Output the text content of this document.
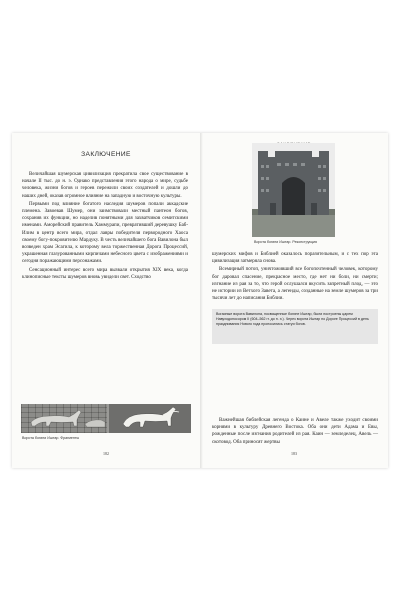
ЗАКЛЮЧЕНИЕ

Величайшая шумерская цивилизация прекратила свое существование в начале II тыс. до н. э. Однако представления этого народа о мире, судьбе человека, жизни богов и героев пережили своих создателей и дошли до наших дней, оказав огромное влияние на западную и восточную культуры.

Первыми под влияние богатого наследия шумеров попали аккадские племена. Завоевав Шумер, они заимствовали местный пантеон богов, сохранив их функции, но наделив понятными для захватчиков семитскими именами. Аморейский правитель Хаммурапи, превративший деревушку Баб-Илим в центр всего мира, отдал лавры победителя первородного Хаоса своему богу-покровителю Мардуку. В честь величайшего бога Вавилона был возведен храм Эсагила, к которому вела торжественная Дорога Процессий, украшенная глазурованными кирпичами небесного цвета с изображениями и сегодня поражающими персонажами.

Сенсационный интерес всего мира вызвали открытия XIX века, когда клинописные тексты шумеров вновь увидели свет. Сходство

Ворота богини Иштар. Фрагменты
182
Ворота богини Иштар. Реконструкция

шумерских мифов и Библией оказалось поразительным, и с тех пор эта цивилизация затмеряла снова.

Всемирный потоп, уничтоживший все богопочтенный человек, которому бог даровал спасение, прекрасное место, где нет ни боли, ни смерти; изгнание из рая за то, что герой ослушался вкусить запретный плод, — это не истории из Ветхого Завета, а легенды, созданные на земле шумеров за три тысячи лет до написания Библии.

Вогаиные ворота Вавилона, посвященные богине Иштар, были построены царем Навуходоносором II (604–562 гг. до н. э.). Через ворота Иштар по Дороге Процессий в день празднования Нового года проносились статуи богов.

Важнейшая библейская легенда о Каине и Авеле также уходит своими корнями в культуру Древнего Востока. Оба они дети Адама и Евы, рожденные после изгнания родителей из рая. Каин — земледелец, Авель — скотовод. Оба приносят жертвы

183
